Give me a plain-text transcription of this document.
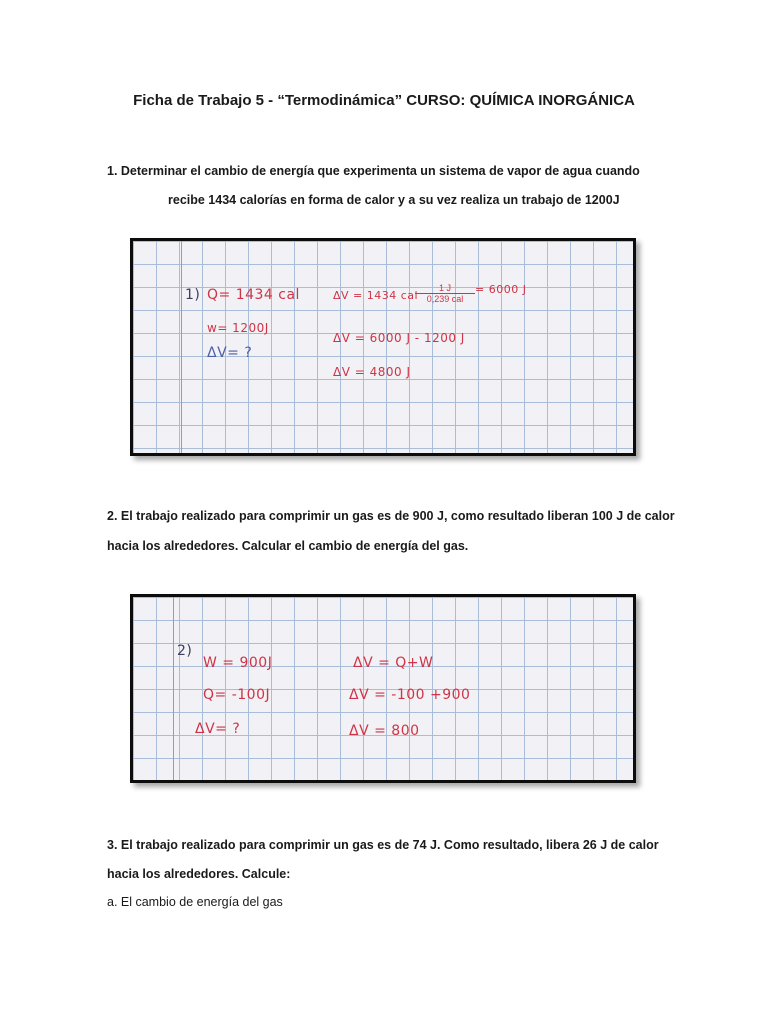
Ficha de Trabajo 5 - “Termodinámica” CURSO: QUÍMICA INORGÁNICA
1. Determinar el cambio de energía que experimenta un sistema de vapor de agua cuando
recibe 1434 calorías en forma de calor y a su vez realiza un trabajo de 1200J
1) Q= 1434 cal
w= 1200J
ΔV= ?
ΔV = 1434 cal
1 J
0,239 cal
= 6000 J
ΔV = 6000 J - 1200 J
ΔV = 4800 J
2. El trabajo realizado para comprimir un gas es de 900 J, como resultado liberan 100 J de calor
hacia los alrededores. Calcular el cambio de energía del gas.
2)
W = 900J
Q= -100J
ΔV= ?
ΔV = Q+W
ΔV = -100 +900
ΔV = 800
3. El trabajo realizado para comprimir un gas es de 74 J. Como resultado, libera 26 J de calor
hacia los alrededores. Calcule:
a. El cambio de energía del gas
